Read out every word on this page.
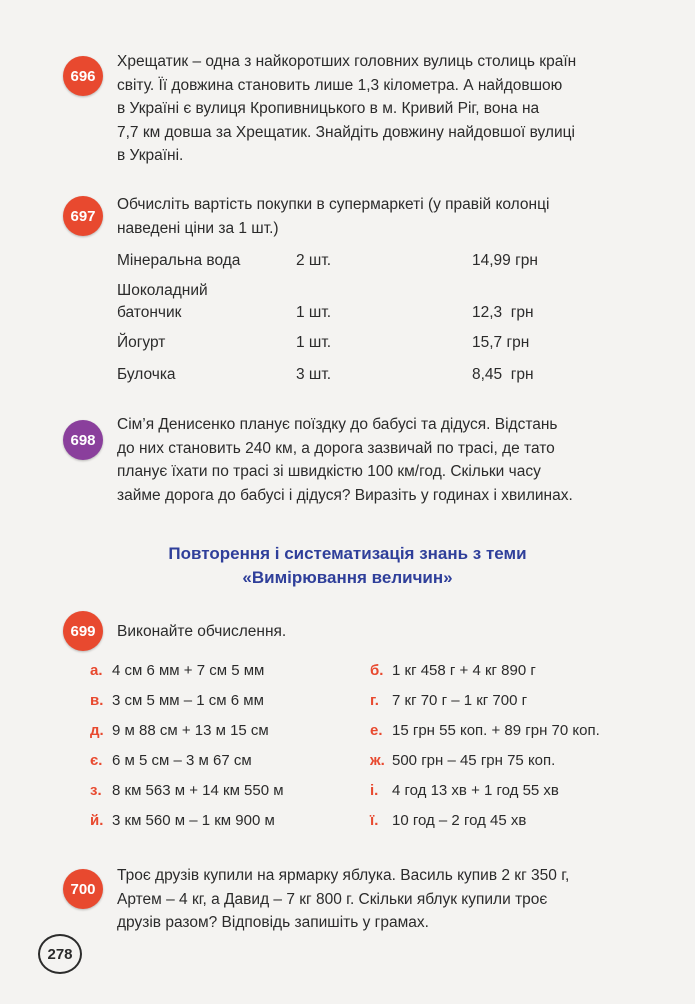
696
Хрещатик – одна з найкоротших головних вулиць столиць країн
світу. Її довжина становить лише 1,3 кілометра. А найдовшою
в Україні є вулиця Кропивницького в м. Кривий Ріг, вона на
7,7 км довша за Хрещатик. Знайдіть довжину найдовшої вулиці
в Україні.
697
Обчисліть вартість покупки в супермаркеті (у правій колонці
наведені ціни за 1 шт.)
Мінеральна вода	2 шт.	14,99 грн
Шоколадний
батончик	1 шт.	12,3  грн
Йогурт	1 шт.	15,7 грн
Булочка	3 шт.	8,45  грн
698
Сім’я Денисенко планує поїздку до бабусі та дідуся. Відстань
до них становить 240 км, а дорога зазвичай по трасі, де тато
планує їхати по трасі зі швидкістю 100 км/год. Скільки часу
займе дорога до бабусі і дідуся? Виразіть у годинах і хвилинах.
Повторення і систематизація знань з теми
«Вимірювання величин»
699	Виконайте обчислення.
а. 4 см 6 мм + 7 см 5 мм
в. 3 см 5 мм – 1 см 6 мм
д. 9 м 88 см + 13 м 15 см
є. 6 м 5 см – 3 м 67 см
з. 8 км 563 м + 14 км 550 м
й. 3 км 560 м – 1 км 900 м
б. 1 кг 458 г + 4 кг 890 г
г. 7 кг 70 г – 1 кг 700 г
е. 15 грн 55 коп. + 89 грн 70 коп.
ж. 500 грн – 45 грн 75 коп.
і. 4 год 13 хв + 1 год 55 хв
ї. 10 год – 2 год 45 хв
700
Троє друзів купили на ярмарку яблука. Василь купив 2 кг 350 г,
Артем – 4 кг, а Давид – 7 кг 800 г. Скільки яблук купили троє
друзів разом? Відповідь запишіть у грамах.
278
